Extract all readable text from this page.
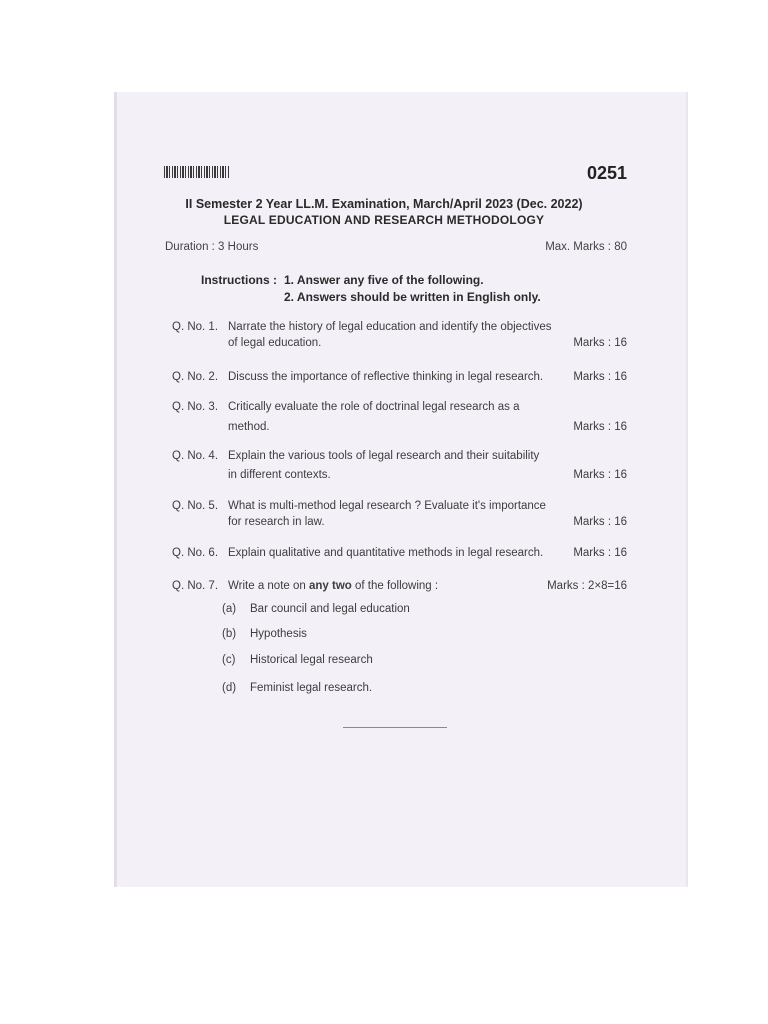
0251
II Semester 2 Year LL.M. Examination, March/April 2023 (Dec. 2022)
LEGAL EDUCATION AND RESEARCH METHODOLOGY
Duration : 3 Hours	Max. Marks : 80
Instructions : 1. Answer any five of the following.
2. Answers should be written in English only.
Q. No. 1. Narrate the history of legal education and identify the objectives
of legal education.	Marks : 16
Q. No. 2. Discuss the importance of reflective thinking in legal research.	Marks : 16
Q. No. 3. Critically evaluate the role of doctrinal legal research as a
method.	Marks : 16
Q. No. 4. Explain the various tools of legal research and their suitability
in different contexts.	Marks : 16
Q. No. 5. What is multi-method legal research ? Evaluate it's importance
for research in law.	Marks : 16
Q. No. 6. Explain qualitative and quantitative methods in legal research.	Marks : 16
Q. No. 7. Write a note on any two of the following :	Marks : 2×8=16
(a) Bar council and legal education
(b) Hypothesis
(c) Historical legal research
(d) Feminist legal research.
